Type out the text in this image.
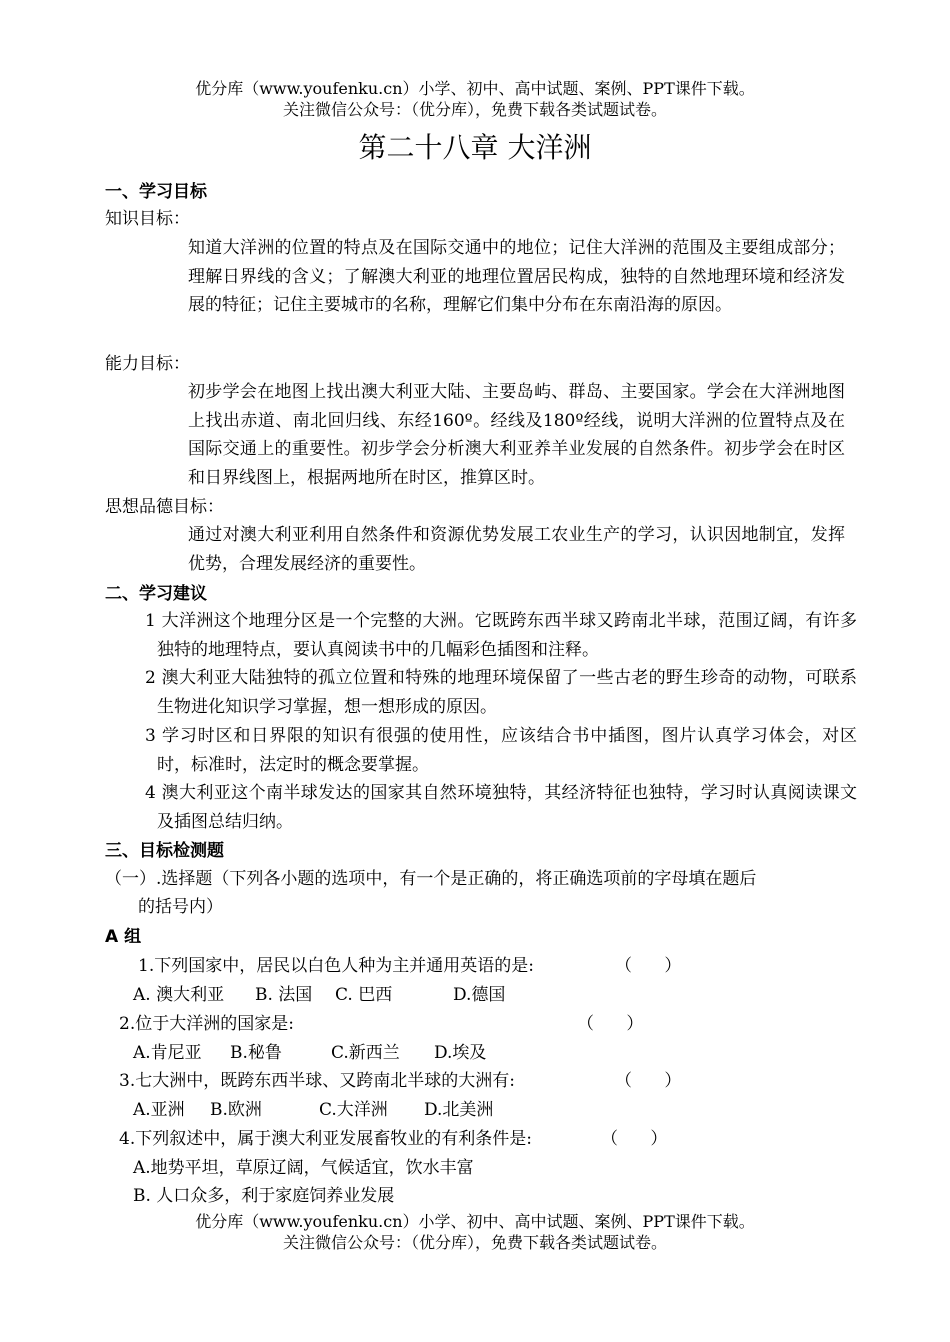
优分库（www.youfenku.cn）小学、初中、高中试题、案例、PPT课件下载。
关注微信公众号：（优分库），免费下载各类试题试卷。
第二十八章 大洋洲
一、学习目标
知识目标：
知道大洋洲的位置的特点及在国际交通中的地位；记住大洋洲的范围及主要组成部分；理解日界线的含义；了解澳大利亚的地理位置居民构成，独特的自然地理环境和经济发展的特征；记住主要城市的名称，理解它们集中分布在东南沿海的原因。
能力目标：
初步学会在地图上找出澳大利亚大陆、主要岛屿、群岛、主要国家。学会在大洋洲地图上找出赤道、南北回归线、东经160º。经线及180º经线，说明大洋洲的位置特点及在国际交通上的重要性。初步学会分析澳大利亚养羊业发展的自然条件。初步学会在时区和日界线图上，根据两地所在时区，推算区时。
思想品德目标：
通过对澳大利亚利用自然条件和资源优势发展工农业生产的学习，认识因地制宜，发挥优势，合理发展经济的重要性。
二、学习建议
1 大洋洲这个地理分区是一个完整的大洲。它既跨东西半球又跨南北半球，范围辽阔，有许多独特的地理特点，要认真阅读书中的几幅彩色插图和注释。
2 澳大利亚大陆独特的孤立位置和特殊的地理环境保留了一些古老的野生珍奇的动物，可联系生物进化知识学习掌握，想一想形成的原因。
3 学习时区和日界限的知识有很强的使用性，应该结合书中插图，图片认真学习体会，对区时，标准时，法定时的概念要掌握。
4 澳大利亚这个南半球发达的国家其自然环境独特，其经济特征也独特，学习时认真阅读课文及插图总结归纳。
三、目标检测题
（一）.选择题（下列各小题的选项中，有一个是正确的，将正确选项前的字母填在题后
的括号内）
A 组
1.下列国家中，居民以白色人种为主并通用英语的是:	（      ）
A. 澳大利亚 B. 法国 C. 巴西	D.德国
2.位于大洋洲的国家是:	（      ）
A.肯尼亚 B.秘鲁	C.新西兰 D.埃及
3.七大洲中，既跨东西半球、又跨南北半球的大洲有:	（      ）
A.亚洲 B.欧洲	C.大洋洲 D.北美洲
4.下列叙述中，属于澳大利亚发展畜牧业的有利条件是:	（      ）
A.地势平坦，草原辽阔，气候适宜，饮水丰富
B. 人口众多，利于家庭饲养业发展
优分库（www.youfenku.cn）小学、初中、高中试题、案例、PPT课件下载。
关注微信公众号：（优分库），免费下载各类试题试卷。
